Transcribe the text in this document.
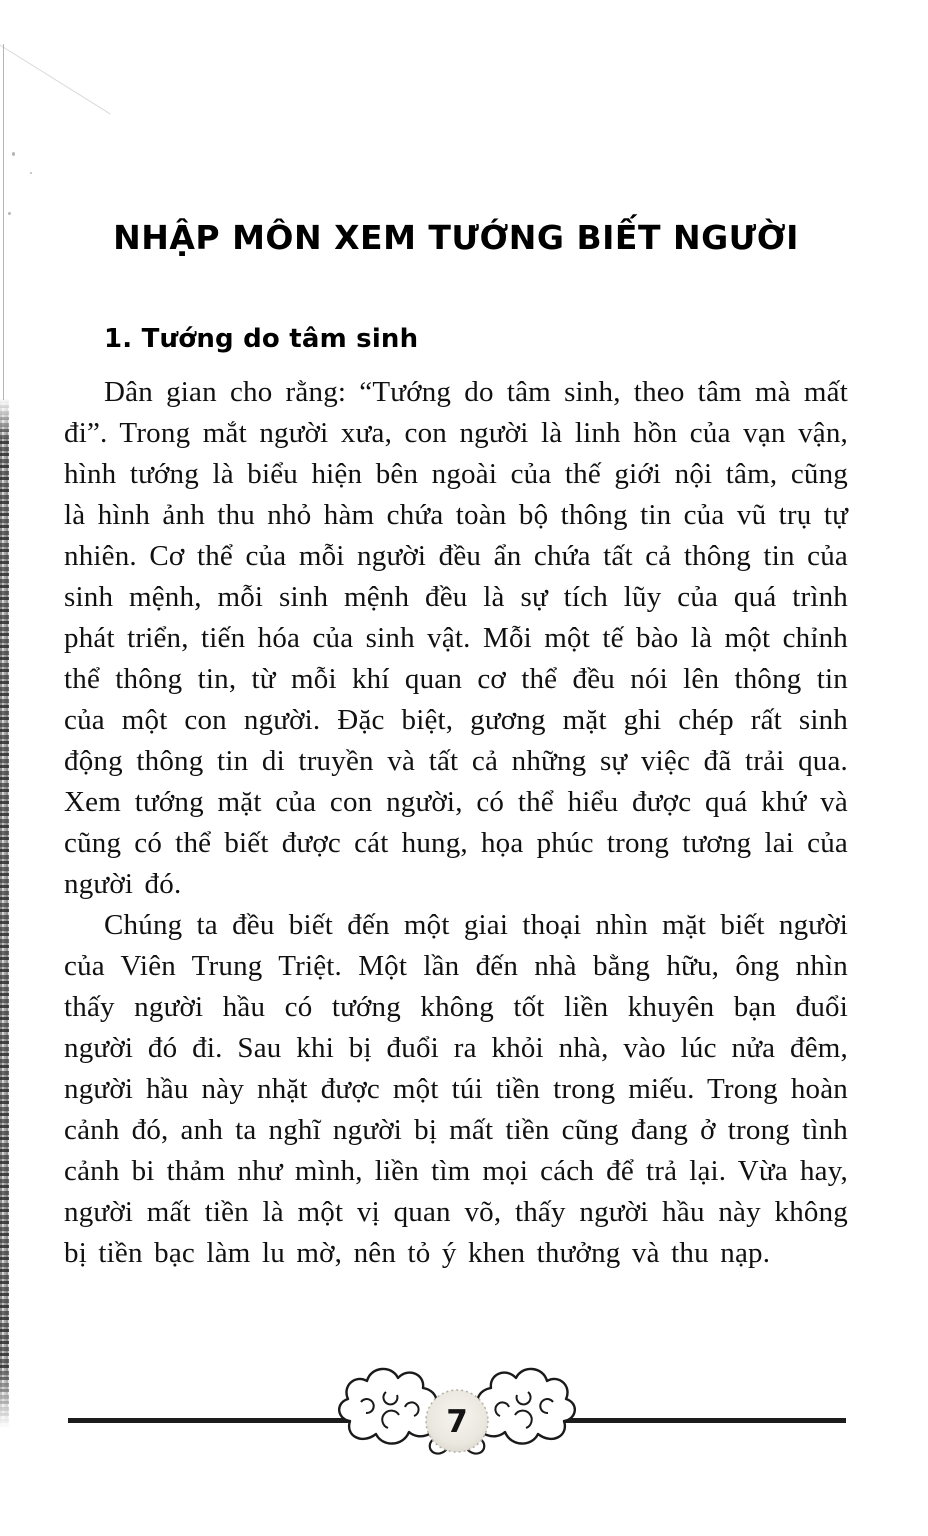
NHẬP MÔN XEM TƯỚNG BIẾT NGƯỜI
1. Tướng do tâm sinh

Dân gian cho rằng: “Tướng do tâm sinh, theo tâm mà mất đi”. Trong mắt người xưa, con người là linh hồn của vạn vận, hình tướng là biểu hiện bên ngoài của thế giới nội tâm, cũng là hình ảnh thu nhỏ hàm chứa toàn bộ thông tin của vũ trụ tự nhiên. Cơ thể của mỗi người đều ẩn chứa tất cả thông tin của sinh mệnh, mỗi sinh mệnh đều là sự tích lũy của quá trình phát triển, tiến hóa của sinh vật. Mỗi một tế bào là một chỉnh thể thông tin, từ mỗi khí quan cơ thể đều nói lên thông tin của một con người. Đặc biệt, gương mặt ghi chép rất sinh động thông tin di truyền và tất cả những sự việc đã trải qua. Xem tướng mặt của con người, có thể hiểu được quá khứ và cũng có thể biết được cát hung, họa phúc trong tương lai của người đó.

Chúng ta đều biết đến một giai thoại nhìn mặt biết người của Viên Trung Triệt. Một lần đến nhà bằng hữu, ông nhìn thấy người hầu có tướng không tốt liền khuyên bạn đuổi người đó đi. Sau khi bị đuổi ra khỏi nhà, vào lúc nửa đêm, người hầu này nhặt được một túi tiền trong miếu. Trong hoàn cảnh đó, anh ta nghĩ người bị mất tiền cũng đang ở trong tình cảnh bi thảm như mình, liền tìm mọi cách để trả lại. Vừa hay, người mất tiền là một vị quan võ, thấy người hầu này không bị tiền bạc làm lu mờ, nên tỏ ý khen thưởng và thu nạp.

7
